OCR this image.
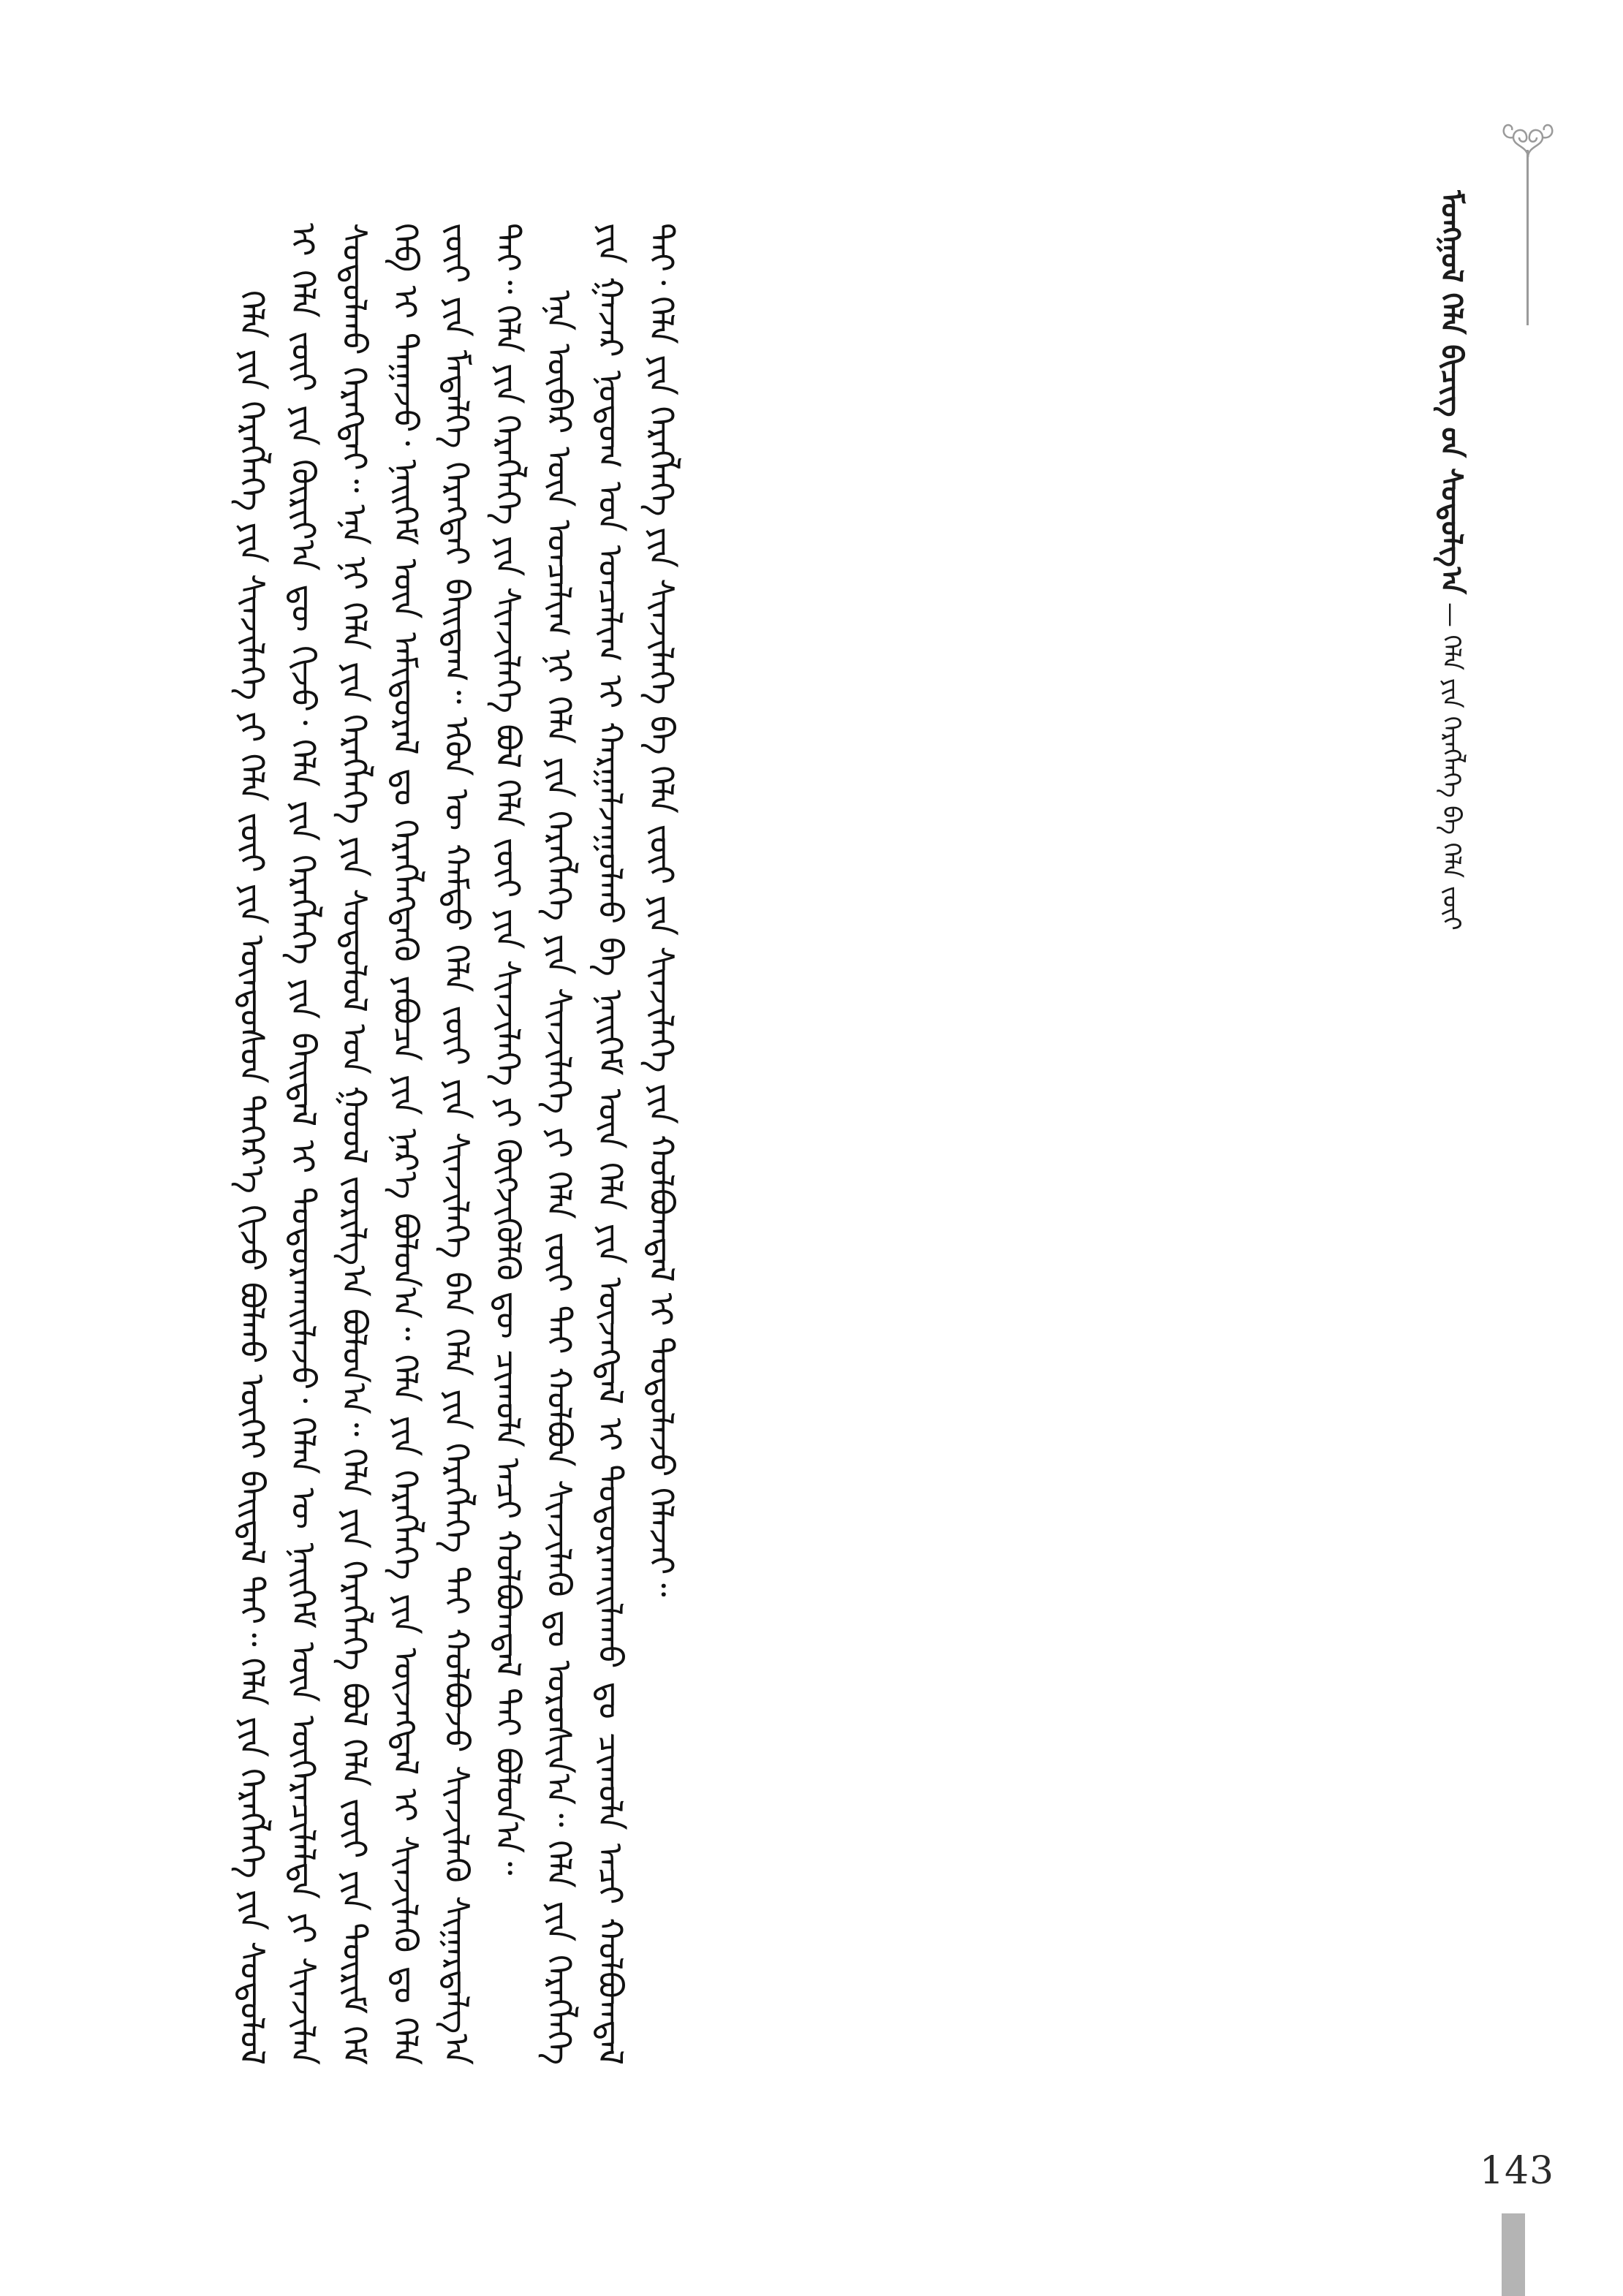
ᠮᠣᠩᠭᠣᠯ ᠬᠡᠯᠡ ᠪᠢᠴᠢᠭ᠌ ᠤ᠋ᠨ ᠰᠤᠳᠤᠯᠭ᠎ᠠ — ᠬᠡᠯᠡ ᠶᠢᠨ ᠬᠡᠷᠡᠭᠯᠡᠭᠡ ᠪᠠ ᠬᠡᠯᠡ ᠵᠦᠢ

ᠬᠡᠯᠡ ᠶᠢᠨ ᠬᠡᠷᠡᠭᠯᠡᠭᠡ ᠶᠢᠨ ᠰᠢᠨᠵᠢᠯᠡᠭᠡ ᠶᠢ ᠬᠡᠯᠡ ᠵᠦᠢ ᠶᠢᠨ ᠦᠨᠳᠦᠰᠦᠨ ᠳᠡᠭᠡᠷ᠎ᠡ ᠬᠢᠵᠦ ᠪᠣᠯᠬᠤ ᠦᠭᠡᠢ ᠪᠠᠢᠳᠠᠯ ᠲᠠᠢ᠃ ᠬᠡᠯᠡ ᠶᠢᠨ ᠬᠡᠷᠡᠭᠯᠡᠭᠡ ᠶᠢᠨ ᠰᠣᠳᠤᠯᠤᠯ ᠢ ᠬᠡᠯᠡ ᠵᠦᠢ ᠶᠢᠨ ᠬᠦᠷᠢᠶ᠎ᠡᠨ ᠳᠦ ᠬᠢᠵᠦ᠂ ᠬᠡᠯᠡ ᠶᠢᠨ ᠬᠡᠷᠡᠭᠯᠡᠭᠡ ᠶᠢᠨ ᠪᠠᠢᠳᠠᠯ ᠢ ᠲᠣᠳᠣᠷᠬᠠᠢᠯᠠᠵᠤ᠂ ᠬᠡᠯᠡᠨ ᠦ ᠨᠡᠢᠭᠡᠮ ᠦᠨ ᠦᠭᠡᠷᠡᠴᠢᠯᠡᠯᠲᠡ ᠶᠢ ᠰᠢᠨᠵᠢᠯᠡᠨ ᠰᠣᠳᠤᠯᠬᠤ ᠬᠡᠷᠡᠭᠲᠡᠢ᠃ ᠡᠨᠡ ᠨᠢ ᠬᠡᠯᠡ ᠶᠢᠨ ᠬᠡᠷᠡᠭᠯᠡᠭᠡ ᠶᠢᠨ ᠰᠣᠳᠤᠯᠤᠯ ᠤᠨ ᠭᠣᠣᠯ ᠵᠣᠷᠢᠯᠭ᠎ᠠ ᠪᠣᠯᠤᠨ᠎ᠠ᠃ ᠬᠡᠯᠡ ᠶᠢᠨ ᠬᠡᠷᠡᠭᠯᠡᠭᠡ ᠪᠣᠯ ᠬᠡᠯᠡ ᠵᠦᠢ ᠶᠢᠨ ᠳᠦᠷᠢᠮ ᠬᠡᠮ ᠬᠡᠪ ᠢ ᠳᠠᠭᠠᠵᠤ᠂ ᠨᠡᠢᠭᠡᠮ ᠦᠨ ᠠᠮᠢᠳᠤᠷᠠᠯ ᠳᠤ ᠬᠡᠷᠡᠭᠯᠡᠭᠳᠡᠬᠦ ᠶᠠᠪᠤᠴᠠ ᠶᠢᠨ ᠨᠡᠷ᠎ᠡ ᠪᠣᠯᠤᠨ᠎ᠠ᠃ ᠬᠡᠯᠡ ᠶᠢᠨ ᠬᠡᠷᠡᠭᠯᠡᠭᠡ ᠶᠢᠨ ᠦᠵᠡᠭᠳᠡᠯ ᠢ ᠰᠢᠨᠵᠢᠯᠡᠬᠦ ᠳᠤ ᠬᠡᠯᠡ ᠵᠦᠢ ᠶᠢᠨ ᠮᠡᠳᠡᠯᠭᠡ ᠬᠡᠷᠡᠭᠲᠡᠢ ᠪᠠᠢᠳᠠᠭ᠃ ᠡᠭᠦᠨ ᠦ ᠬᠠᠮᠲᠤ ᠬᠡᠯᠡ ᠵᠦᠢ ᠶᠢᠨ ᠰᠢᠨᠵᠢᠯᠡᠭᠡ ᠪᠡᠨ ᠬᠡᠯᠡ ᠶᠢᠨ ᠬᠡᠷᠡᠭᠯᠡᠭᠡ ᠲᠡᠢ ᠬᠣᠯᠪᠣᠵᠤ ᠰᠢᠨᠵᠢᠯᠡᠬᠦ ᠰᠢᠭᠠᠷᠳᠠᠯᠭ᠎ᠠ ᠲᠠᠢ᠃ ᠬᠡᠯᠡ ᠶᠢᠨ ᠬᠡᠷᠡᠭᠯᠡᠭᠡ ᠶᠢᠨ ᠰᠢᠨᠵᠢᠯᠡᠭᠡ ᠪᠣᠯ ᠬᠡᠯᠡ ᠵᠦᠢ ᠶᠢᠨ ᠰᠢᠨᠵᠢᠯᠡᠭᠡ ᠶᠢ ᠬᠦᠭᠵᠢᠭᠦᠯᠬᠦ ᠳᠦ ᠴᠢᠬᠤᠯᠠ ᠠᠴᠢ ᠬᠣᠯᠪᠣᠭᠳᠠᠯ ᠲᠠᠢ ᠪᠣᠯᠤᠨ᠎ᠠ᠃ ᠡᠨᠡ ᠦᠪᠡᠷ ᠦᠨ ᠣᠨᠴᠠᠯᠢᠭ ᠨᠢ ᠬᠡᠯᠡ ᠶᠢᠨ ᠬᠡᠷᠡᠭᠯᠡᠭᠡ ᠶᠢᠨ ᠰᠢᠨᠵᠢᠯᠡᠭᠡ ᠶᠢ ᠬᠡᠯᠡ ᠵᠦᠢ ᠲᠡᠢ ᠬᠣᠯᠪᠣᠨ ᠰᠢᠨᠵᠢᠯᠡᠬᠦ ᠳᠤ ᠣᠷᠣᠰᠢᠨ᠎ᠠ᠃ ᠬᠡᠯᠡ ᠶᠢᠨ ᠬᠡᠷᠡᠭᠯᠡᠭᠡ ᠶᠢᠨ ᠭᠠᠵᠠᠷ ᠨᠤᠲᠤᠭ ᠤᠨ ᠣᠨᠴᠠᠯᠢᠭ ᠢ ᠬᠠᠷᠭᠠᠯᠵᠠᠭᠤᠯᠬᠤ ᠪᠠ ᠨᠡᠢᠭᠡᠮ ᠦᠨ ᠬᠡᠯᠡ ᠶᠢᠨ ᠦᠵᠡᠭᠳᠡᠯ ᠢ ᠲᠣᠳᠣᠷᠬᠠᠢᠯᠠᠬᠤ ᠳᠤ ᠴᠢᠬᠤᠯᠠ ᠠᠴᠢ ᠬᠣᠯᠪᠣᠭᠳᠠᠯ ᠲᠠᠢ᠂ ᠬᠡᠯᠡ ᠶᠢᠨ ᠬᠡᠷᠡᠭᠯᠡᠭᠡ ᠶᠢᠨ ᠰᠢᠨᠵᠢᠯᠡᠭᠡ ᠪᠠ ᠬᠡᠯᠡ ᠵᠦᠢ ᠶᠢᠨ ᠰᠢᠨᠵᠢᠯᠡᠭᠡ ᠶᠢᠨ ᠬᠣᠯᠪᠣᠭᠳᠠᠯ ᠢ ᠲᠣᠳᠣᠯᠠᠵᠤ ᠬᠡᠯᠡᠵᠡᠢ᠃

143
